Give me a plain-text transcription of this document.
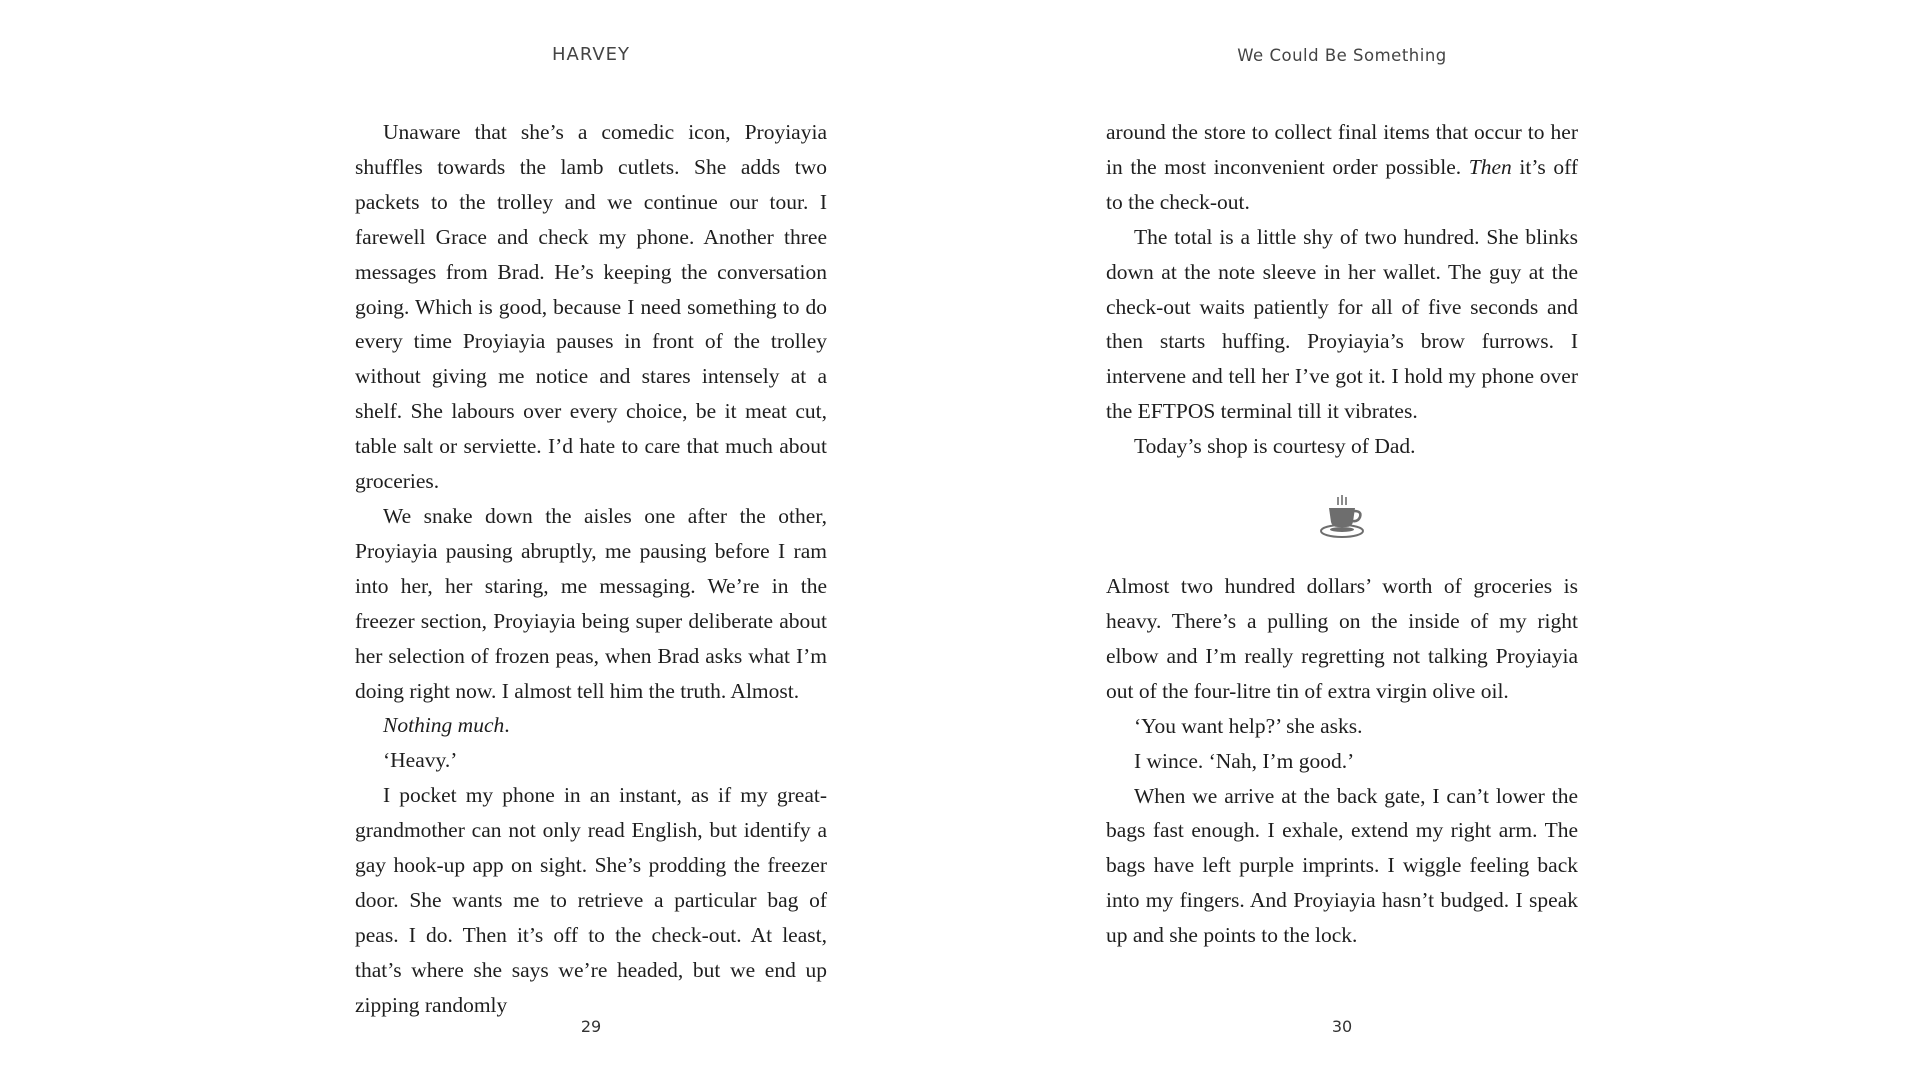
HARVEY

Unaware that she’s a comedic icon, Proyiayia shuffles towards the lamb cutlets. She adds two packets to the trolley and we continue our tour. I farewell Grace and check my phone. Another three messages from Brad. He’s keeping the conversation going. Which is good, because I need something to do every time Proyiayia pauses in front of the trolley without giving me notice and stares intensely at a shelf. She labours over every choice, be it meat cut, table salt or serviette. I’d hate to care that much about groceries.

We snake down the aisles one after the other, Proyiayia pausing abruptly, me pausing before I ram into her, her staring, me messaging. We’re in the freezer section, Proyiayia being super deliberate about her selection of frozen peas, when Brad asks what I’m doing right now. I almost tell him the truth. Almost.

Nothing much.

‘Heavy.’

I pocket my phone in an instant, as if my great-grandmother can not only read English, but identify a gay hook-up app on sight. She’s prodding the freezer door. She wants me to retrieve a particular bag of peas. I do. Then it’s off to the check-out. At least, that’s where she says we’re headed, but we end up zipping randomly

29
We Could Be Something

around the store to collect final items that occur to her in the most inconvenient order possible. Then it’s off to the check-out.

The total is a little shy of two hundred. She blinks down at the note sleeve in her wallet. The guy at the check-out waits patiently for all of five seconds and then starts huffing. Proyiayia’s brow furrows. I intervene and tell her I’ve got it. I hold my phone over the EFTPOS terminal till it vibrates.

Today’s shop is courtesy of Dad.

Almost two hundred dollars’ worth of groceries is heavy. There’s a pulling on the inside of my right elbow and I’m really regretting not talking Proyiayia out of the four-litre tin of extra virgin olive oil.

‘You want help?’ she asks.

I wince. ‘Nah, I’m good.’

When we arrive at the back gate, I can’t lower the bags fast enough. I exhale, extend my right arm. The bags have left purple imprints. I wiggle feeling back into my fingers. And Proyiayia hasn’t budged. I speak up and she points to the lock.

30
